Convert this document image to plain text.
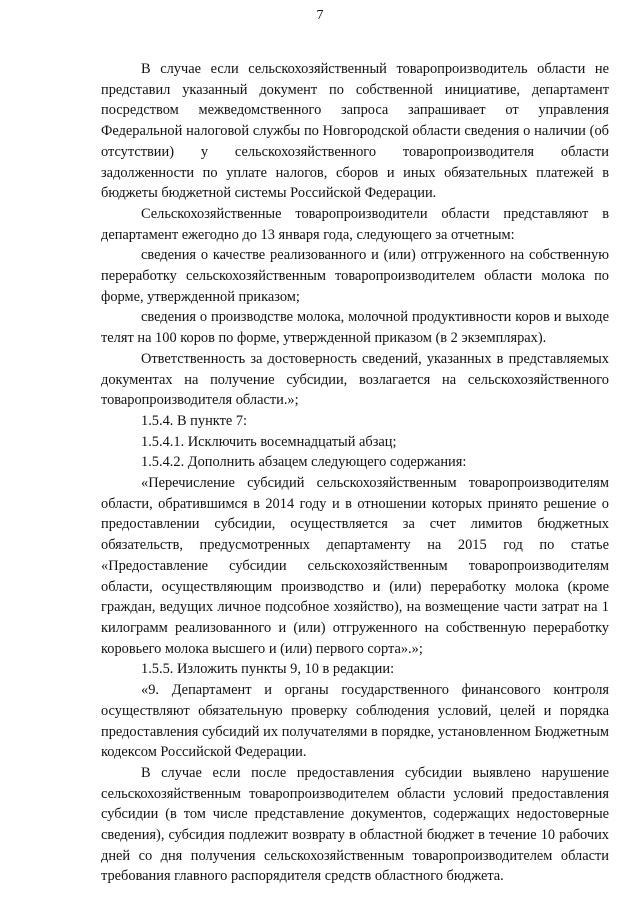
7

В случае если сельскохозяйственный товаропроизводитель области не представил указанный документ по собственной инициативе, департамент посредством межведомственного запроса запрашивает от управления Федеральной налоговой службы по Новгородской области сведения о наличии (об отсутствии) у сельскохозяйственного товаропроизводителя области задолженности по уплате налогов, сборов и иных обязательных платежей в бюджеты бюджетной системы Российской Федерации.

Сельскохозяйственные товаропроизводители области представляют в департамент ежегодно до 13 января года, следующего за отчетным:

сведения о качестве реализованного и (или) отгруженного на собственную переработку сельскохозяйственным товаропроизводителем области молока по форме, утвержденной приказом;

сведения о производстве молока, молочной продуктивности коров и выходе телят на 100 коров по форме, утвержденной приказом (в 2 экземплярах).

Ответственность за достоверность сведений, указанных в представляемых документах на получение субсидии, возлагается на сельскохозяйственного товаропроизводителя области.»;

1.5.4. В пункте 7:

1.5.4.1. Исключить восемнадцатый абзац;

1.5.4.2. Дополнить абзацем следующего содержания:

«Перечисление субсидий сельскохозяйственным товаропроизводителям области, обратившимся в 2014 году и в отношении которых принято решение о предоставлении субсидии, осуществляется за счет лимитов бюджетных обязательств, предусмотренных департаменту на 2015 год по статье «Предоставление субсидии сельскохозяйственным товаропроизводителям области, осуществляющим производство и (или) переработку молока (кроме граждан, ведущих личное подсобное хозяйство), на возмещение части затрат на 1 килограмм реализованного и (или) отгруженного на собственную переработку коровьего молока высшего и (или) первого сорта».»;

1.5.5. Изложить пункты 9, 10 в редакции:

«9. Департамент и органы государственного финансового контроля осуществляют обязательную проверку соблюдения условий, целей и порядка предоставления субсидий их получателями в порядке, установленном Бюджетным кодексом Российской Федерации.

В случае если после предоставления субсидии выявлено нарушение сельскохозяйственным товаропроизводителем области условий предоставления субсидии (в том числе представление документов, содержащих недостоверные сведения), субсидия подлежит возврату в областной бюджет в течение 10 рабочих дней со дня получения сельскохозяйственным товаропроизводителем области требования главного распорядителя средств областного бюджета.
